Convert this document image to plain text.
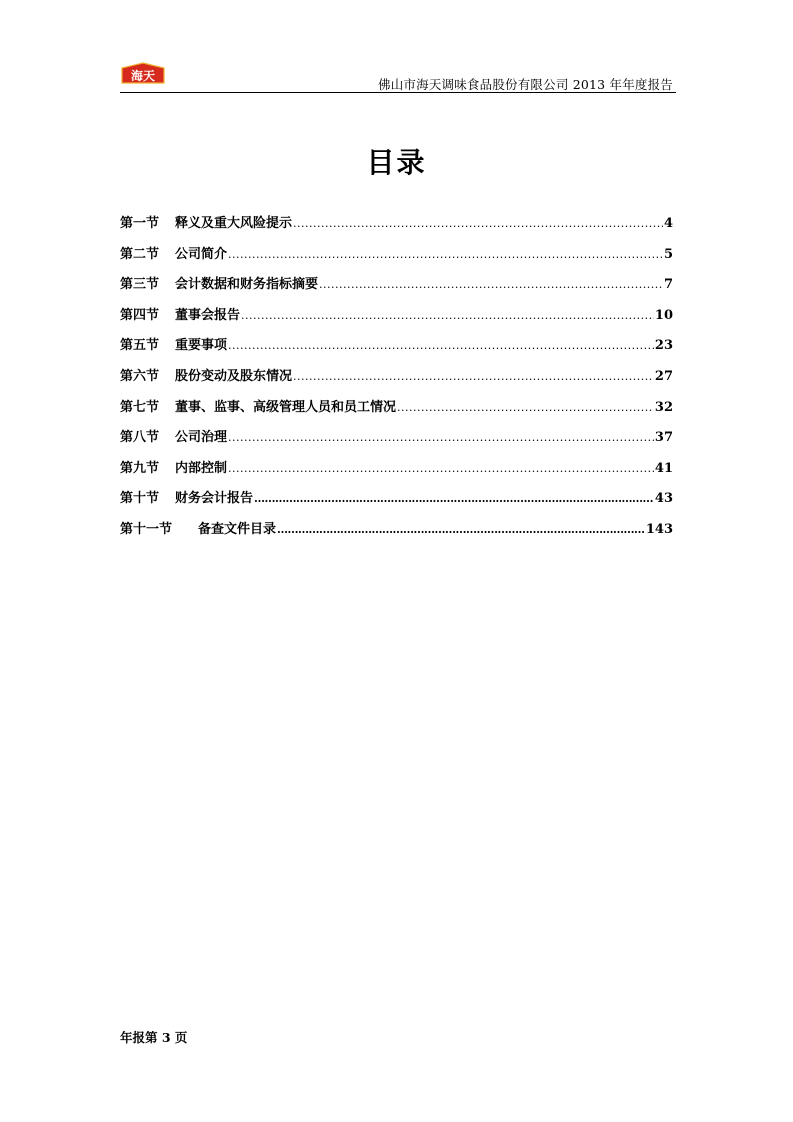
海天
佛山市海天调味食品股份有限公司 2013 年年度报告
目录
第一节	释义及重大风险提示 .....	4
第二节	公司简介 .....	5
第三节	会计数据和财务指标摘要 .....	7
第四节	董事会报告 .....	10
第五节	重要事项 .....	23
第六节	股份变动及股东情况 .....	27
第七节	董事、监事、高级管理人员和员工情况 .....	32
第八节	公司治理 .....	37
第九节	内部控制 .....	41
第十节	财务会计报告 ……………………………………………………………………………………………………………………………………………………	43
第十一节	备查文件目录 ……………………………………………………………………………………………………………………………………………………	143
年报第 3 页
